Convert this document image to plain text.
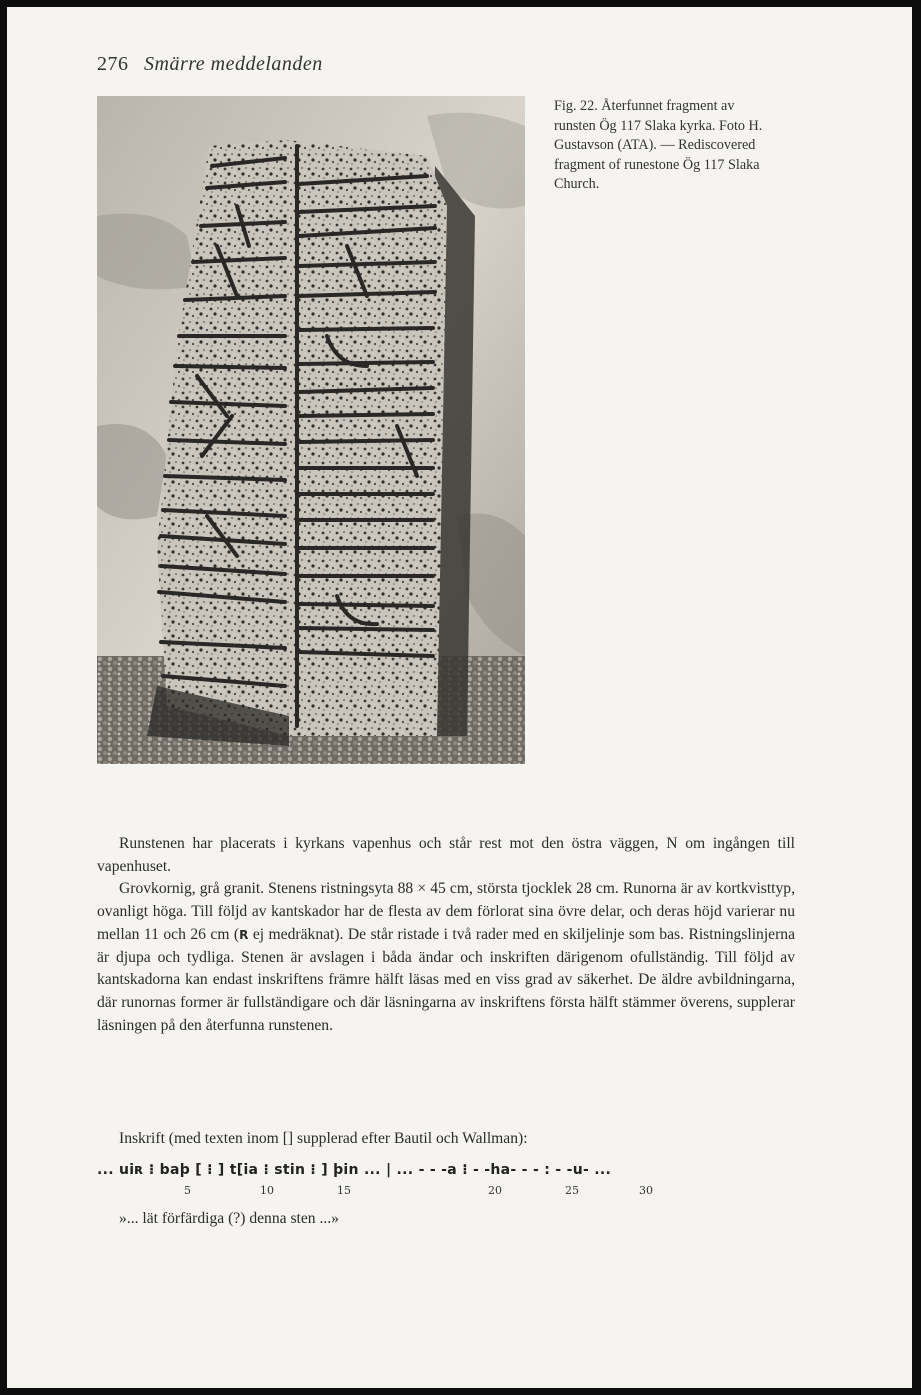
276 Smärre meddelanden
Fig. 22. Återfunnet fragment av runsten Ög 117 Slaka kyrka. Foto H. Gustavson (ATA). — Rediscovered fragment of runestone Ög 117 Slaka Church.

Runstenen har placerats i kyrkans vapenhus och står rest mot den östra väggen, N om ingången till vapenhuset.

Grovkornig, grå granit. Stenens ristningsyta 88 × 45 cm, största tjocklek 28 cm. Runorna är av kortkvisttyp, ovanligt höga. Till följd av kantskador har de flesta av dem förlorat sina övre delar, och deras höjd varierar nu mellan 11 och 26 cm (R ej medräknat). De står ristade i två rader med en skiljelinje som bas. Ristningslinjerna är djupa och tydliga. Stenen är avslagen i båda ändar och inskriften därigenom ofullständig. Till följd av kantskadorna kan endast inskriftens främre hälft läsas med en viss grad av säkerhet. De äldre avbildningarna, där runornas former är fullständigare och där läsningarna av inskriftens första hälft stämmer överens, supplerar läsningen på den återfunna runstenen.

Inskrift (med texten inom [] supplerad efter Bautil och Wallman):
... uiʀ ⁝ baþ [ ⁝ ] t[ia ⁝ stin ⁝ ] þin ... | ... - - -a ⁝ - -ha- - - : - -u- ...
5	10	15	20	25	30
»... lät förfärdiga (?) denna sten ...»
